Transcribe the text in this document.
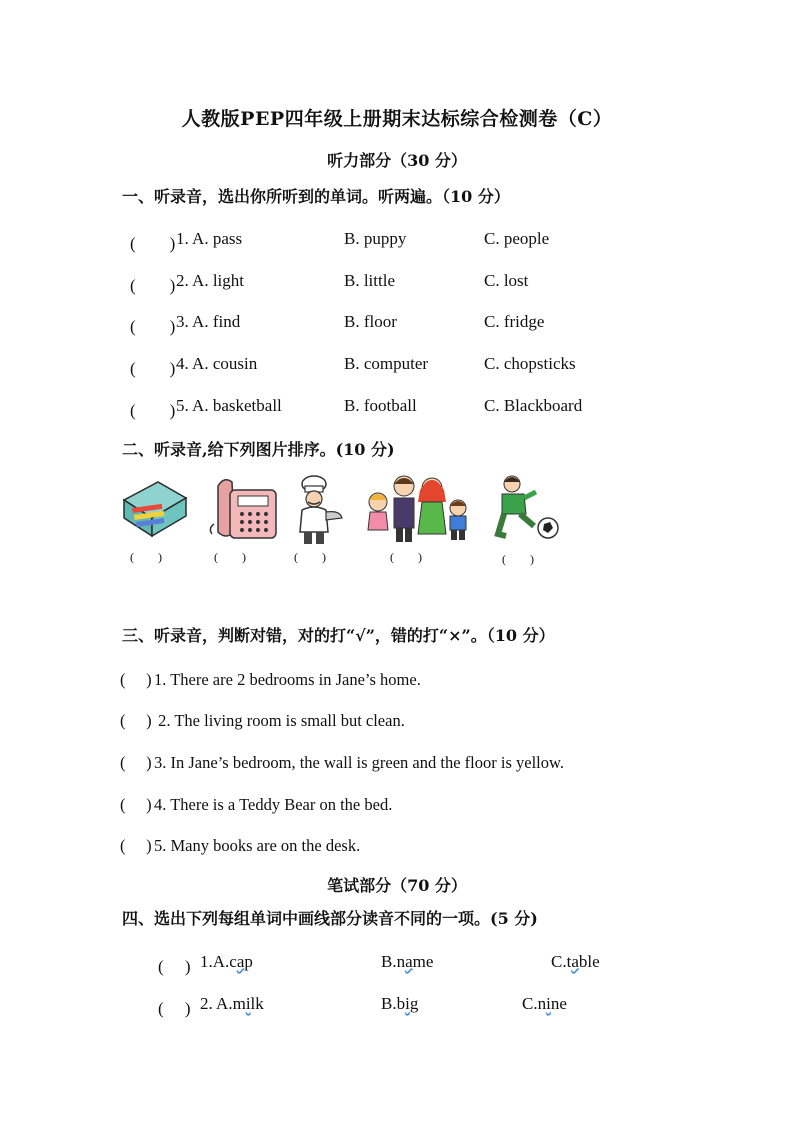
人教版PEP四年级上册期末达标综合检测卷（C）
听力部分（30 分）
一、听录音，选出你所听到的单词。听两遍。（10 分）
(　　) 1. A. pass	B. puppy	C. people
(　　) 2. A. light	B. little	C. lost
(　　) 3. A. find	B. floor	C. fridge
(　　) 4. A. cousin	B. computer	C. chopsticks
(　　) 5. A. basketball	B. football	C. Blackboard
二、听录音,给下列图片排序。(10 分)
(　　)	(　　)	(　　)	(　　)	(　　)
三、听录音，判断对错，对的打“√”，错的打“×”。（10 分）
(　 ) 1. There are 2 bedrooms in Jane’s home.
(　 ) 2. The living room is small but clean.
(　 ) 3. In Jane’s bedroom, the wall is green and the floor is yellow.
(　 ) 4. There is a Teddy Bear on the bed.
(　 ) 5. Many books are on the desk.
笔试部分（70 分）
四、选出下列每组单词中画线部分读音不同的一项。(5 分)
(　 ) 1.A.cap	B.name	C.table
(　 ) 2. A.milk	B.big	C.nine
